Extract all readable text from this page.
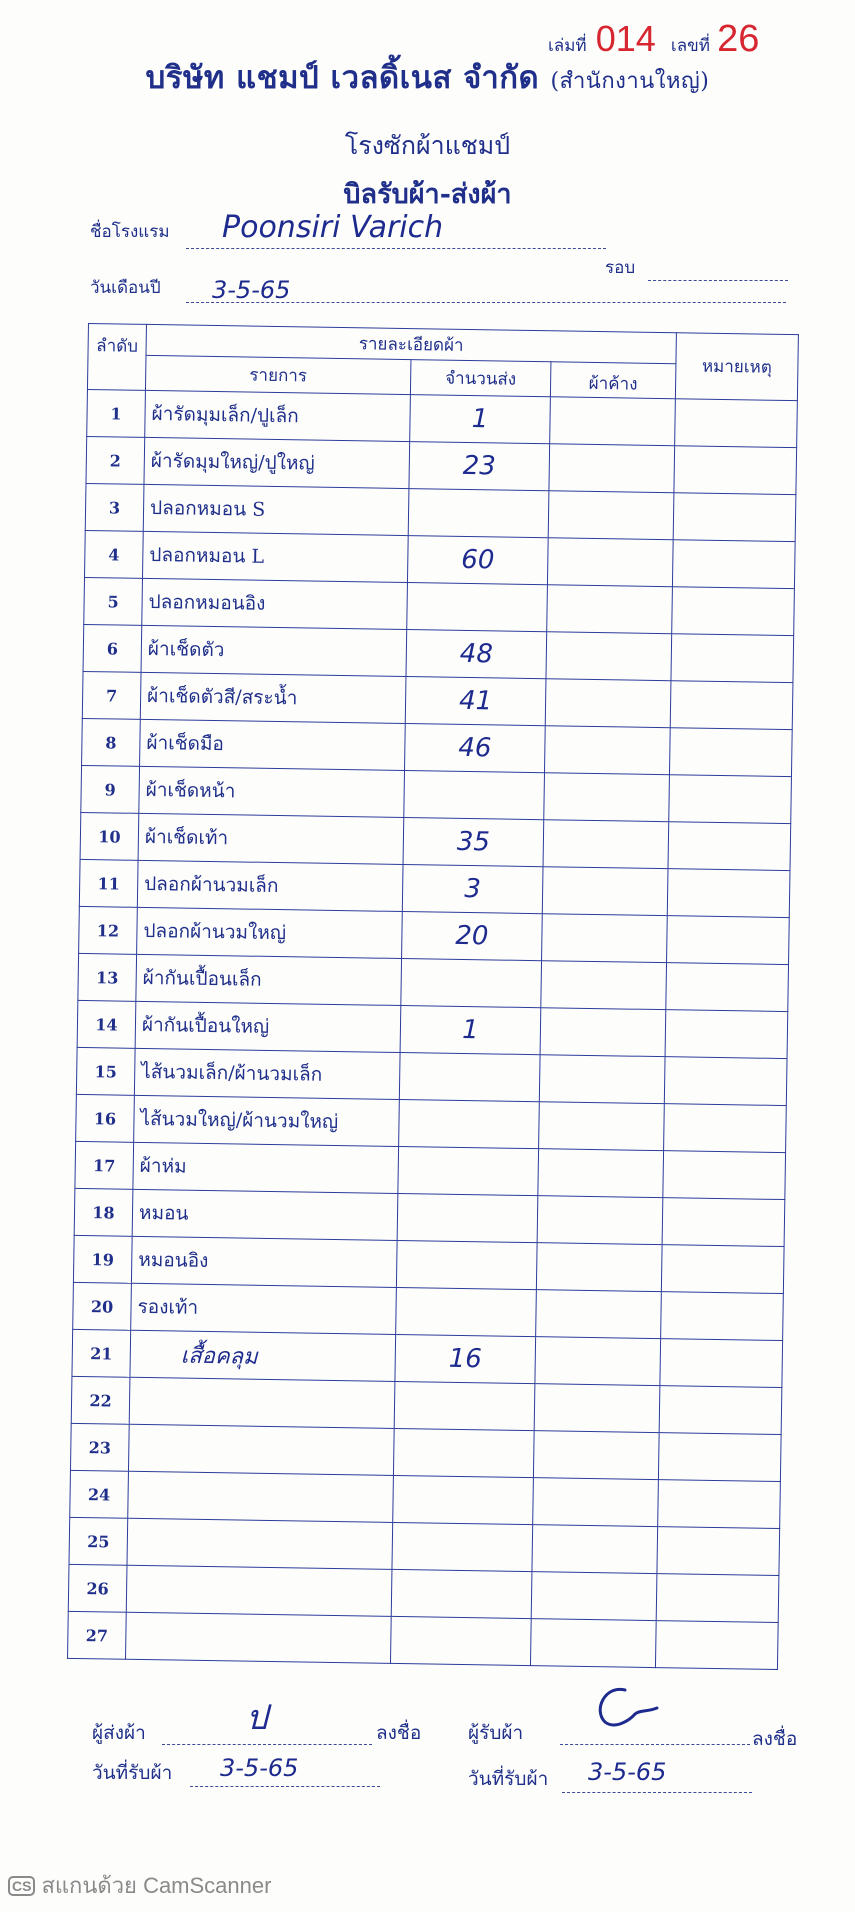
เล่มที่ 014 เลขที่ 26
บริษัท แชมป์ เวลดิ้เนส จำกัด (สำนักงานใหญ่)
โรงซักผ้าแชมป์
บิลรับผ้า-ส่งผ้า
ชื่อโรงแรม Poonsiri Varich
รอบ
วันเดือนปี 3-5-65
ลำดับ	รายละเอียดผ้า			หมายเหตุ
	รายการ	จำนวนส่ง	ผ้าค้าง	
1	ผ้ารัดมุมเล็ก/ปูเล็ก	1		
2	ผ้ารัดมุมใหญ่/ปูใหญ่	23		
3	ปลอกหมอน S			
4	ปลอกหมอน L	60		
5	ปลอกหมอนอิง			
6	ผ้าเช็ดตัว	48		
7	ผ้าเช็ดตัวสี/สระน้ำ	41		
8	ผ้าเช็ดมือ	46		
9	ผ้าเช็ดหน้า			
10	ผ้าเช็ดเท้า	35		
11	ปลอกผ้านวมเล็ก	3		
12	ปลอกผ้านวมใหญ่	20		
13	ผ้ากันเปื้อนเล็ก			
14	ผ้ากันเปื้อนใหญ่	1		
15	ไส้นวมเล็ก/ผ้านวมเล็ก			
16	ไส้นวมใหญ่/ผ้านวมใหญ่			
17	ผ้าห่ม			
18	หมอน			
19	หมอนอิง			
20	รองเท้า			
21	เสื้อคลุม	16		
22				
23				
24				
25				
26				
27				
ผู้ส่งผ้า	ป	ลงชื่อ ผู้รับผ้า	ลงชื่อ
วันที่รับผ้า 3-5-65	วันที่รับผ้า 3-5-65
CS สแกนด้วย CamScanner
